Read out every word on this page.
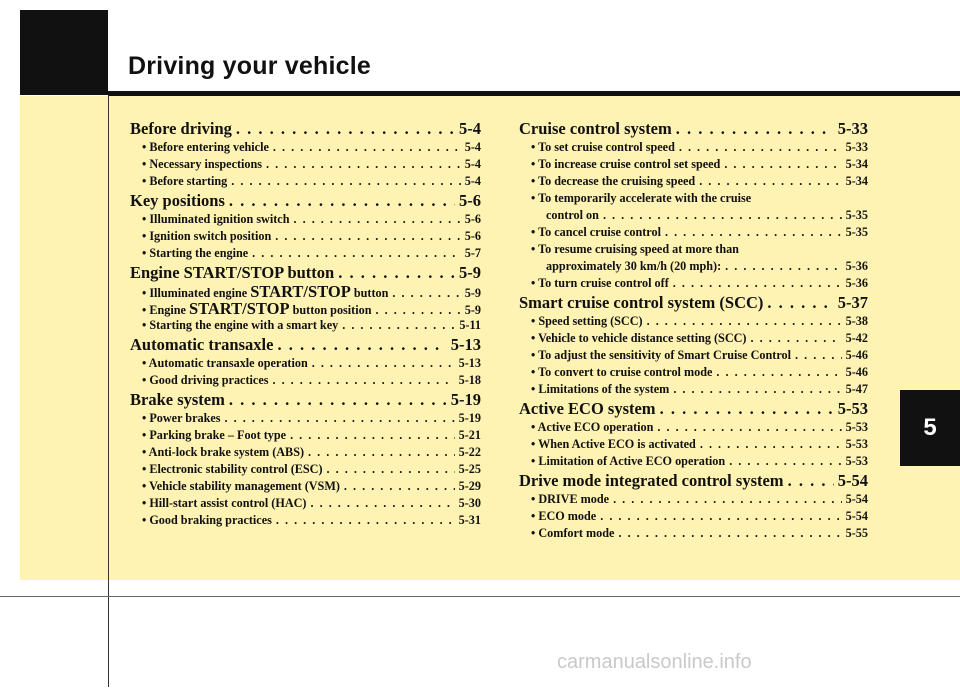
Driving your vehicle
Before driving . . .	5-4
• Before entering vehicle . . .	5-4
• Necessary inspections . . .	5-4
• Before starting . . .	5-4
Key positions . . .	5-6
• Illuminated ignition switch . . .	5-6
• Ignition switch position . . .	5-6
• Starting the engine . . .	5-7
Engine START/STOP button . . .	5-9
• Illuminated engine START/STOP button . . .	5-9
• Engine START/STOP button position . . .	5-9
• Starting the engine with a smart key . . .	5-11
Automatic transaxle . . .	5-13
• Automatic transaxle operation . . .	5-13
• Good driving practices . . .	5-18
Brake system . . .	5-19
• Power brakes . . .	5-19
• Parking brake – Foot type . . .	5-21
• Anti-lock brake system (ABS) . . .	5-22
• Electronic stability control (ESC) . . .	5-25
• Vehicle stability management (VSM) . . .	5-29
• Hill-start assist control (HAC) . . .	5-30
• Good braking practices . . .	5-31
Cruise control system . . .	5-33
• To set cruise control speed . . .	5-33
• To increase cruise control set speed . . .	5-34
• To decrease the cruising speed . . .	5-34
• To temporarily accelerate with the cruise
control on . . .	5-35
• To cancel cruise control . . .	5-35
• To resume cruising speed at more than
approximately 30 km/h (20 mph): . . .	5-36
• To turn cruise control off . . .	5-36
Smart cruise control system (SCC) . . .	5-37
• Speed setting (SCC) . . .	5-38
• Vehicle to vehicle distance setting (SCC) . . .	5-42
• To adjust the sensitivity of Smart Cruise Control . . .	5-46
• To convert to cruise control mode . . .	5-46
• Limitations of the system . . .	5-47
Active ECO system . . .	5-53
• Active ECO operation . . .	5-53
• When Active ECO is activated . . .	5-53
• Limitation of Active ECO operation . . .	5-53
Drive mode integrated control system . . .	5-54
• DRIVE mode . . .	5-54
• ECO mode . . .	5-54
• Comfort mode . . .	5-55
5
carmanualsonline.info
